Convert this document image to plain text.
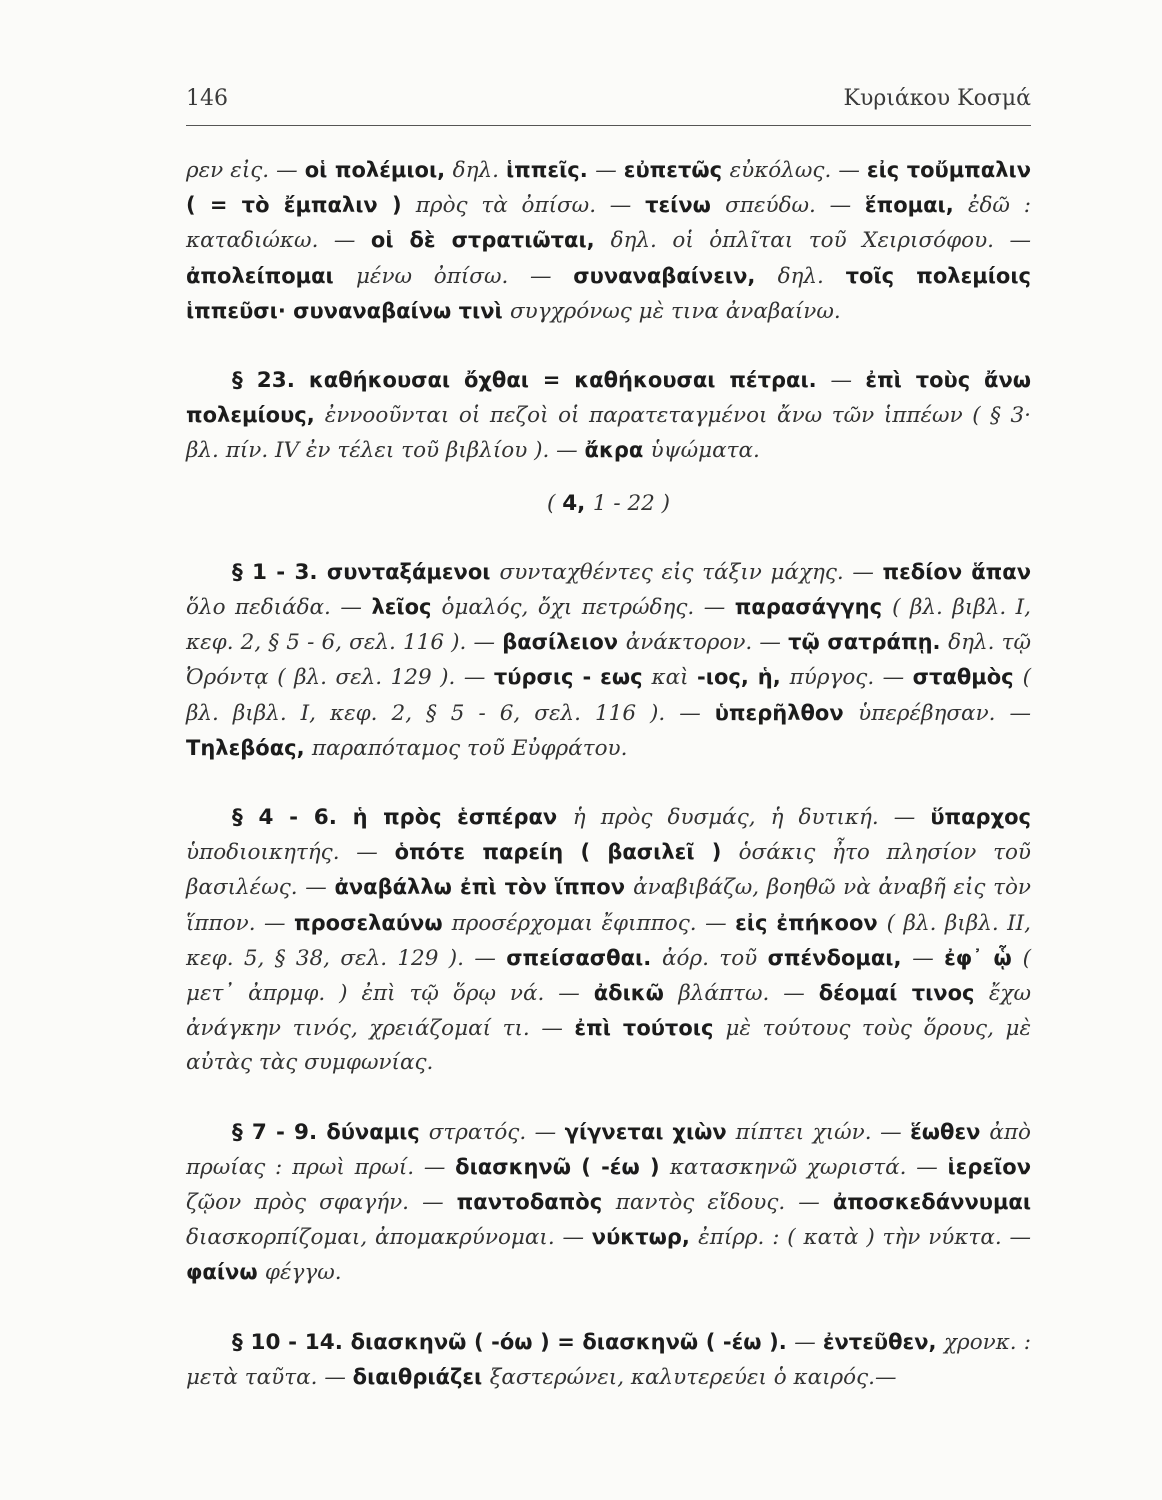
146	Κυριάκου Κοσμά

ρεν εἰς. — οἱ πολέμιοι, δηλ. ἱππεῖς. — εὐπετῶς εὐκόλως. — εἰς τοὔμπαλιν ( = τὸ ἔμπαλιν ) πρὸς τὰ ὀπίσω. — τείνω σπεύδω. — ἕπομαι, ἐδῶ : καταδιώκω. — οἱ δὲ στρατιῶται, δηλ. οἱ ὁπλῖται τοῦ Χειρισόφου. — ἀπολείπομαι μένω ὀπίσω. — συναναβαίνειν, δηλ. τοῖς πολεμίοις ἱππεῦσι· συναναβαίνω τινὶ συγχρόνως μὲ τινα ἀναβαίνω.

§ 23. καθήκουσαι ὄχθαι = καθήκουσαι πέτραι. — ἐπὶ τοὺς ἄνω πολεμίους, ἐννοοῦνται οἱ πεζοὶ οἱ παρατεταγμένοι ἄνω τῶν ἱππέων ( § 3· βλ. πίν. IV ἐν τέλει τοῦ βιβλίου ). — ἄκρα ὑψώματα.

( 4, 1 - 22 )

§ 1 - 3. συνταξάμενοι συνταχθέντες εἰς τάξιν μάχης. — πεδίον ἅπαν ὅλο πεδιάδα. — λεῖος ὁμαλός, ὄχι πετρώδης. — παρασάγγης ( βλ. βιβλ. I, κεφ. 2, § 5 - 6, σελ. 116 ). — βασίλειον ἀνάκτορον. — τῷ σατράπῃ. δηλ. τῷ Ὀρόντᾳ ( βλ. σελ. 129 ). — τύρσις - εως καὶ -ιος, ἡ, πύργος. — σταθμὸς ( βλ. βιβλ. I, κεφ. 2, § 5 - 6, σελ. 116 ). — ὑπερῆλθον ὑπερέβησαν. — Τηλεβόας, παραπόταμος τοῦ Εὐφράτου.

§ 4 - 6. ἡ πρὸς ἑσπέραν ἡ πρὸς δυσμάς, ἡ δυτική. — ὕπαρχος ὑποδιοικητής. — ὁπότε παρείη ( βασιλεῖ ) ὁσάκις ἦτο πλησίον τοῦ βασιλέως. — ἀναβάλλω ἐπὶ τὸν ἵππον ἀναβιβάζω, βοηθῶ νὰ ἀναβῆ εἰς τὸν ἵππον. — προσελαύνω προσέρχομαι ἔφιππος. — εἰς ἐπήκοον ( βλ. βιβλ. II, κεφ. 5, § 38, σελ. 129 ). — σπείσασθαι. ἀόρ. τοῦ σπένδομαι, — ἐφ᾽ ᾧ ( μετ᾽ ἀπρμφ. ) ἐπὶ τῷ ὅρῳ νά. — ἀδικῶ βλάπτω. — δέομαί τινος ἔχω ἀνάγκην τινός, χρειάζομαί τι. — ἐπὶ τούτοις μὲ τούτους τοὺς ὅρους, μὲ αὐτὰς τὰς συμφωνίας.

§ 7 - 9. δύναμις στρατός. — γίγνεται χιὼν πίπτει χιών. — ἕωθεν ἀπὸ πρωίας : πρωὶ πρωί. — διασκηνῶ ( -έω ) κατασκηνῶ χωριστά. — ἱερεῖον ζῷον πρὸς σφαγήν. — παντοδαπὸς παντὸς εἴδους. — ἀποσκεδάννυμαι διασκορπίζομαι, ἀπομακρύνομαι. — νύκτωρ, ἐπίρρ. : ( κατὰ ) τὴν νύκτα. — φαίνω φέγγω.

§ 10 - 14. διασκηνῶ ( -όω ) = διασκηνῶ ( -έω ). — ἐντεῦθεν, χρονκ. : μετὰ ταῦτα. — διαιθριάζει ξαστερώνει, καλυτερεύει ὁ καιρός.—
